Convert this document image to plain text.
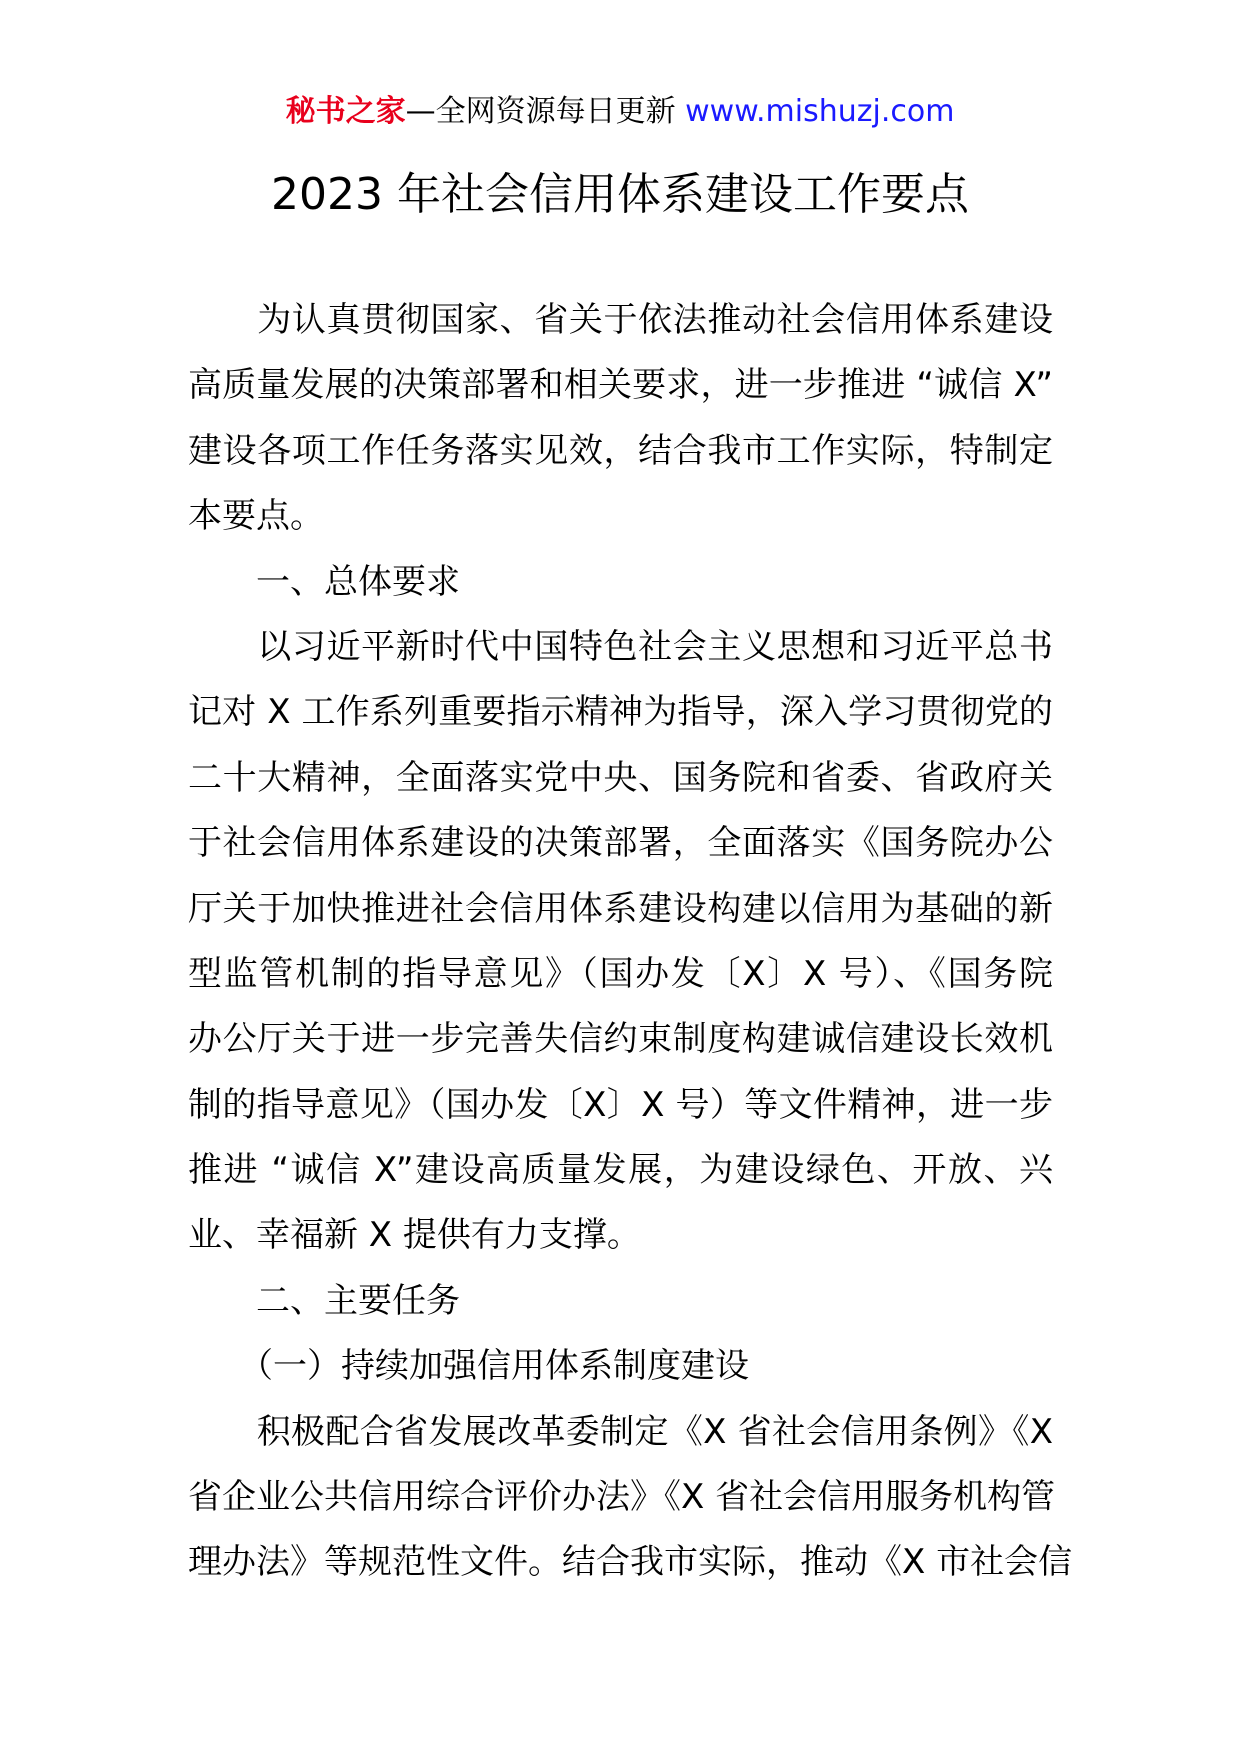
秘书之家—全网资源每日更新 www.mishuzj.com
2023 年社会信用体系建设工作要点
　　为认真贯彻国家、省关于依法推动社会信用体系建设
高质量发展的决策部署和相关要求，进一步推进 “诚信 X”
建设各项工作任务落实见效，结合我市工作实际，特制定
本要点。
　　一、总体要求
　　以习近平新时代中国特色社会主义思想和习近平总书
记对 X 工作系列重要指示精神为指导，深入学习贯彻党的
二十大精神，全面落实党中央、国务院和省委、省政府关
于社会信用体系建设的决策部署，全面落实《国务院办公
厅关于加快推进社会信用体系建设构建以信用为基础的新
型监管机制的指导意见》（国办发〔X〕X 号）、《国务院
办公厅关于进一步完善失信约束制度构建诚信建设长效机
制的指导意见》（国办发〔X〕X 号）等文件精神，进一步
推进 “诚信 X”建设高质量发展，为建设绿色、开放、兴
业、幸福新 X 提供有力支撑。
　　二、主要任务
　　（一）持续加强信用体系制度建设
　　积极配合省发展改革委制定《X 省社会信用条例》《X
省企业公共信用综合评价办法》《X 省社会信用服务机构管
理办法》等规范性文件。结合我市实际，推动《X 市社会信
